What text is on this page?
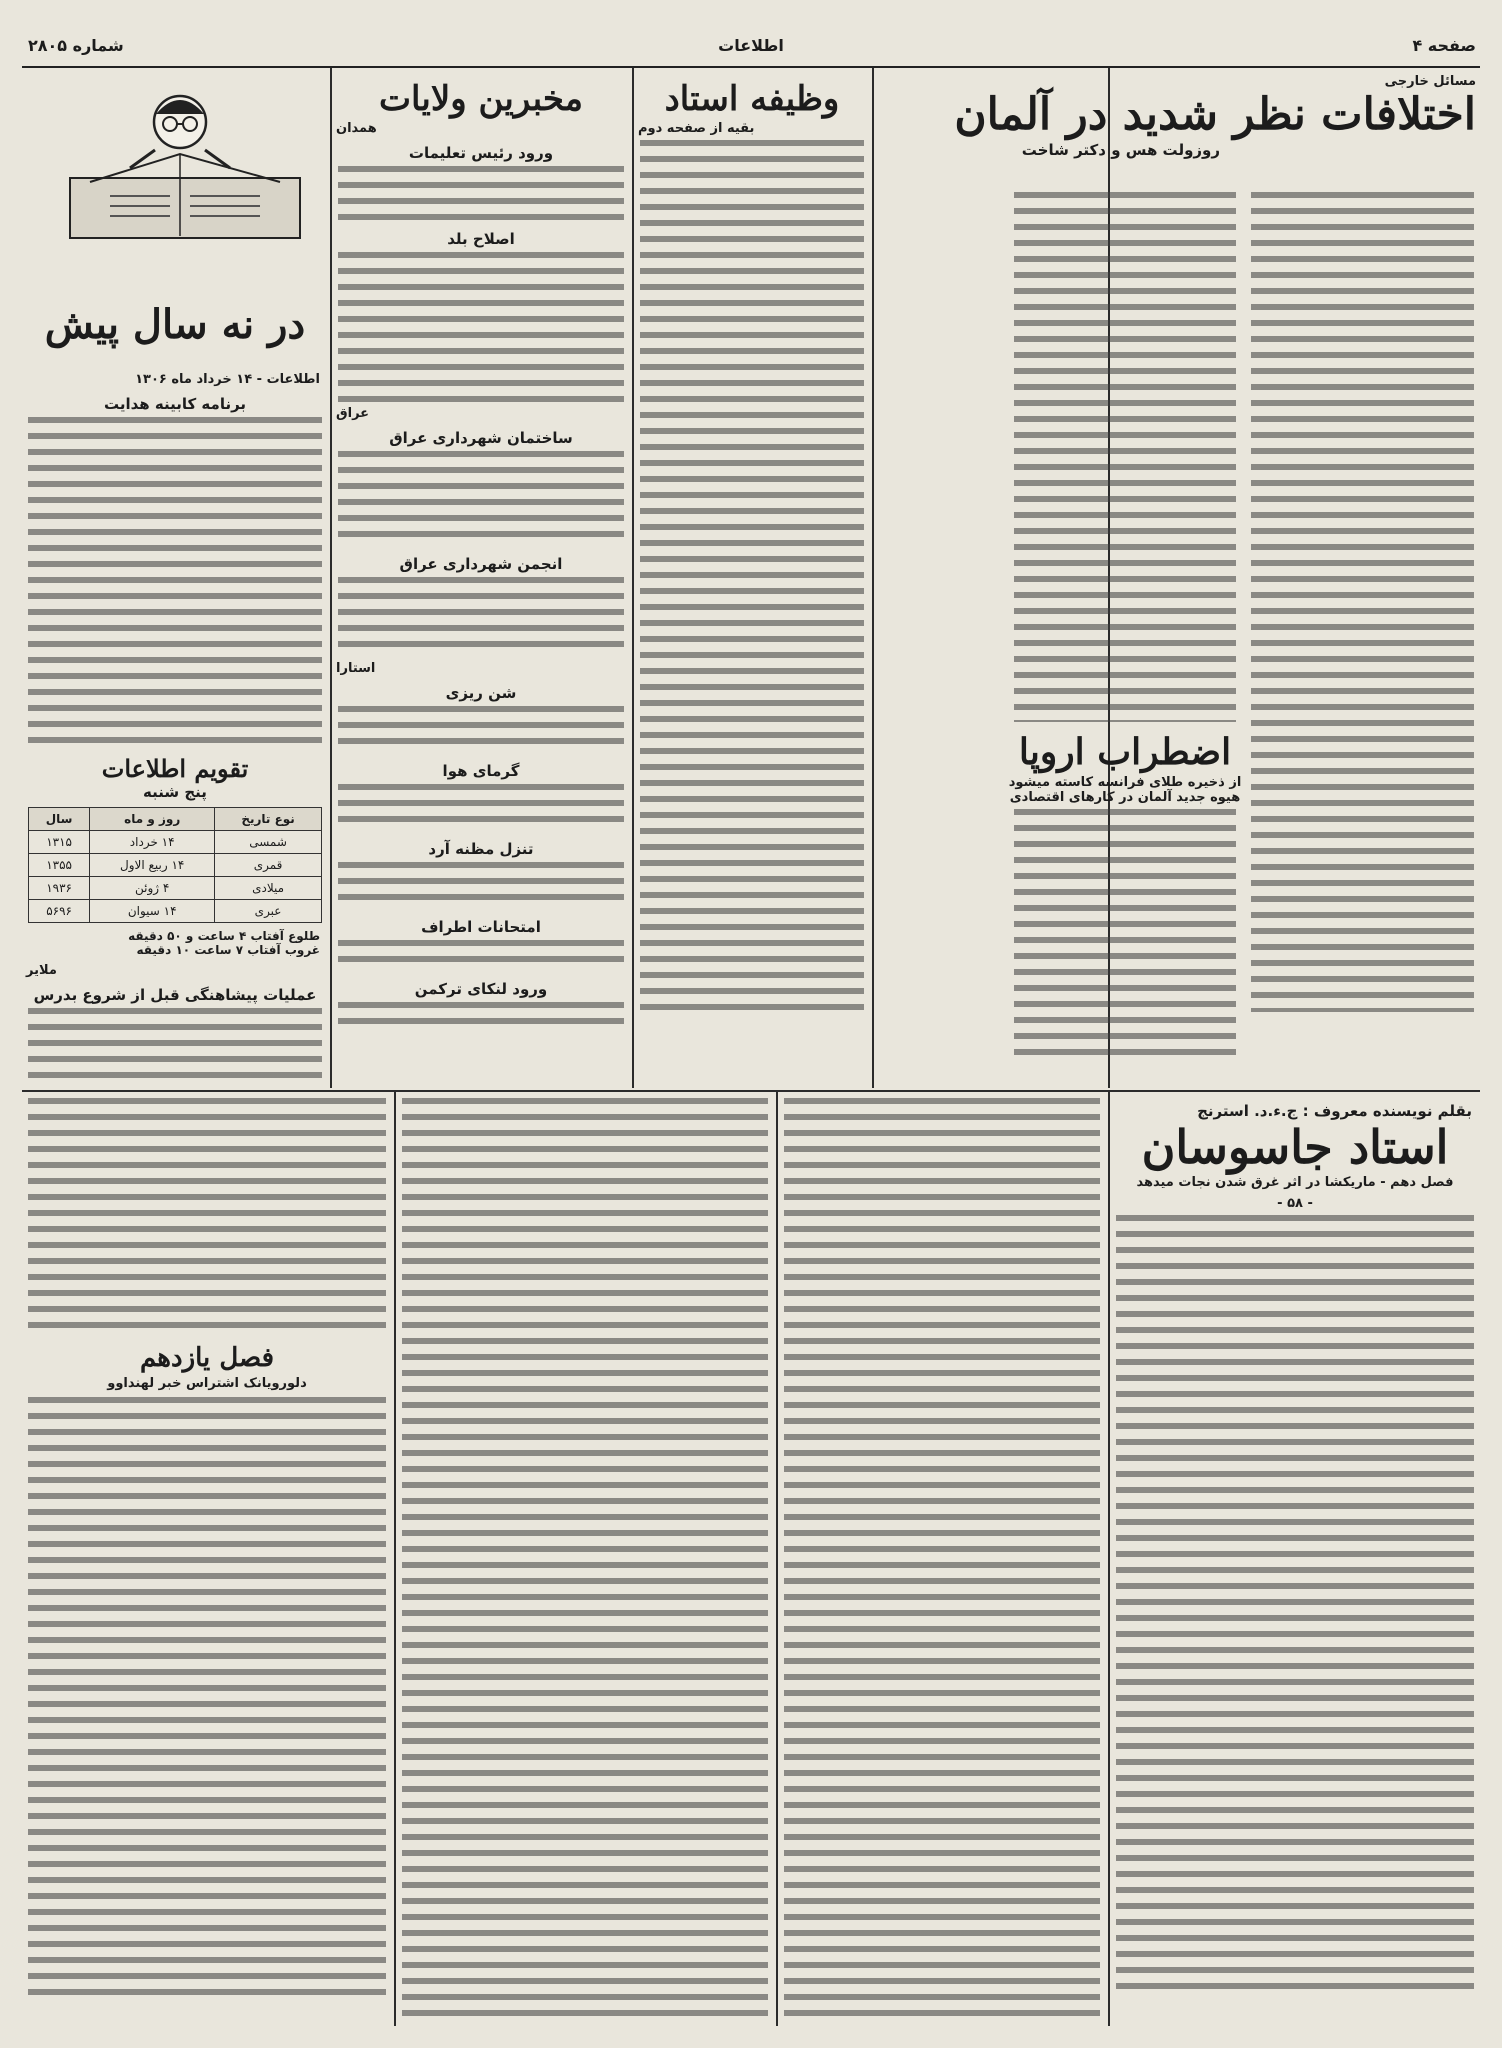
صفحه ۴
اطلاعات
شماره ۲۸۰۵
مسائل خارجی
اختلافات نظر شدید در آلمان
روزولت هس و دکتر شاخت
اضطراب اروپا
از ذخیره طلای فرانسه کاسته میشود
هیوه جدید آلمان در کارهای اقتصادی
وظیفه استاد
بقیه از صفحه دوم
مخبرین ولایات
همدان
ورود رئیس تعلیمات
اصلاح بلد
عراق
ساختمان شهرداری عراق
انجمن شهرداری عراق
استارا
شن ریزی
گرمای هوا
تنزل مظنه آرد
امتحانات اطراف
ورود لنکای ترکمن
در نه سال پیش
اطلاعات - ۱۴ خرداد ماه ۱۳۰۶
برنامه کابینه هدایت
تقویم اطلاعات
پنج شنبه
نوع تاریخ	روز و ماه	سال
شمسی	۱۴ خرداد	۱۳۱۵
قمری	۱۴ ربیع الاول	۱۳۵۵
میلادی	۴ ژوئن	۱۹۳۶
عبری	۱۴ سیوان	۵۶۹۶
طلوع آفتاب ۴ ساعت و ۵۰ دقیقه
غروب آفتاب ۷ ساعت ۱۰ دقیقه
ملایر
عملیات پیشاهنگی قبل از شروع بدرس
بقلم نویسنده معروف : ج.ء.د. استرنج
استاد جاسوسان
فصل دهم - ماریکشا در اثر غرق شدن نجات میدهد
- ۵۸ -
فصل یازدهم
دلورویانک اشتراس خبر لهنداوو
